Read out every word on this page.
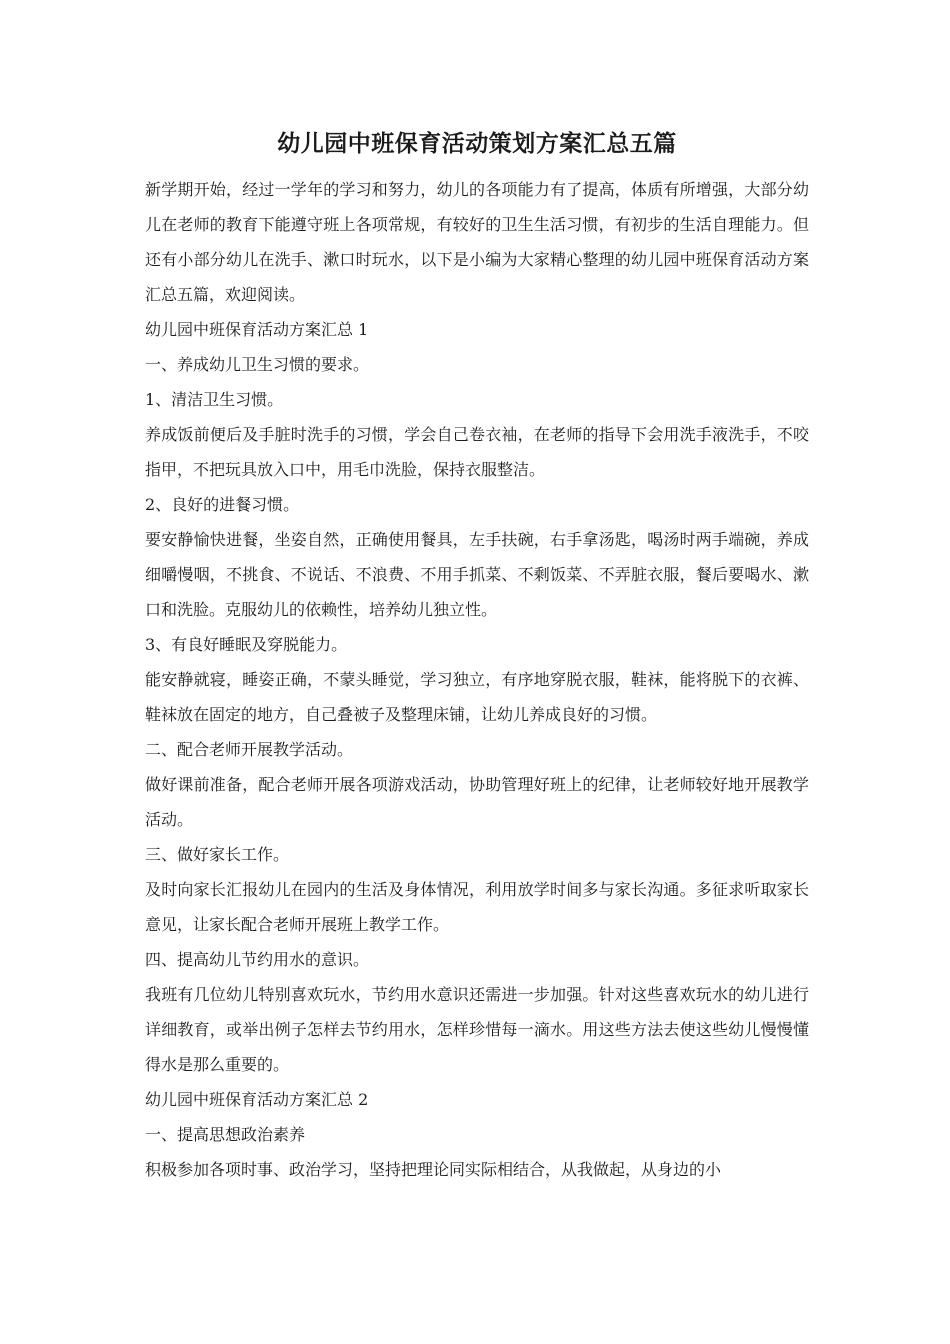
幼儿园中班保育活动策划方案汇总五篇
新学期开始，经过一学年的学习和努力，幼儿的各项能力有了提高，体质有所增强，大部分幼儿在老师的教育下能遵守班上各项常规，有较好的卫生生活习惯，有初步的生活自理能力。但还有小部分幼儿在洗手、漱口时玩水，以下是小编为大家精心整理的幼儿园中班保育活动方案汇总五篇，欢迎阅读。
幼儿园中班保育活动方案汇总 1
一、养成幼儿卫生习惯的要求。
1、清洁卫生习惯。
养成饭前便后及手脏时洗手的习惯，学会自己卷衣袖，在老师的指导下会用洗手液洗手，不咬指甲，不把玩具放入口中，用毛巾洗脸，保持衣服整洁。
2、良好的进餐习惯。
要安静愉快进餐，坐姿自然，正确使用餐具，左手扶碗，右手拿汤匙，喝汤时两手端碗，养成细嚼慢咽，不挑食、不说话、不浪费、不用手抓菜、不剩饭菜、不弄脏衣服，餐后要喝水、漱口和洗脸。克服幼儿的依赖性，培养幼儿独立性。
3、有良好睡眠及穿脱能力。
能安静就寝，睡姿正确，不蒙头睡觉，学习独立，有序地穿脱衣服，鞋袜，能将脱下的衣裤、鞋袜放在固定的地方，自己叠被子及整理床铺，让幼儿养成良好的习惯。
二、配合老师开展教学活动。
做好课前准备，配合老师开展各项游戏活动，协助管理好班上的纪律，让老师较好地开展教学活动。
三、做好家长工作。
及时向家长汇报幼儿在园内的生活及身体情况，利用放学时间多与家长沟通。多征求听取家长意见，让家长配合老师开展班上教学工作。
四、提高幼儿节约用水的意识。
我班有几位幼儿特别喜欢玩水，节约用水意识还需进一步加强。针对这些喜欢玩水的幼儿进行详细教育，或举出例子怎样去节约用水，怎样珍惜每一滴水。用这些方法去使这些幼儿慢慢懂得水是那么重要的。
幼儿园中班保育活动方案汇总 2
一、提高思想政治素养
积极参加各项时事、政治学习，坚持把理论同实际相结合，从我做起，从身边的小
